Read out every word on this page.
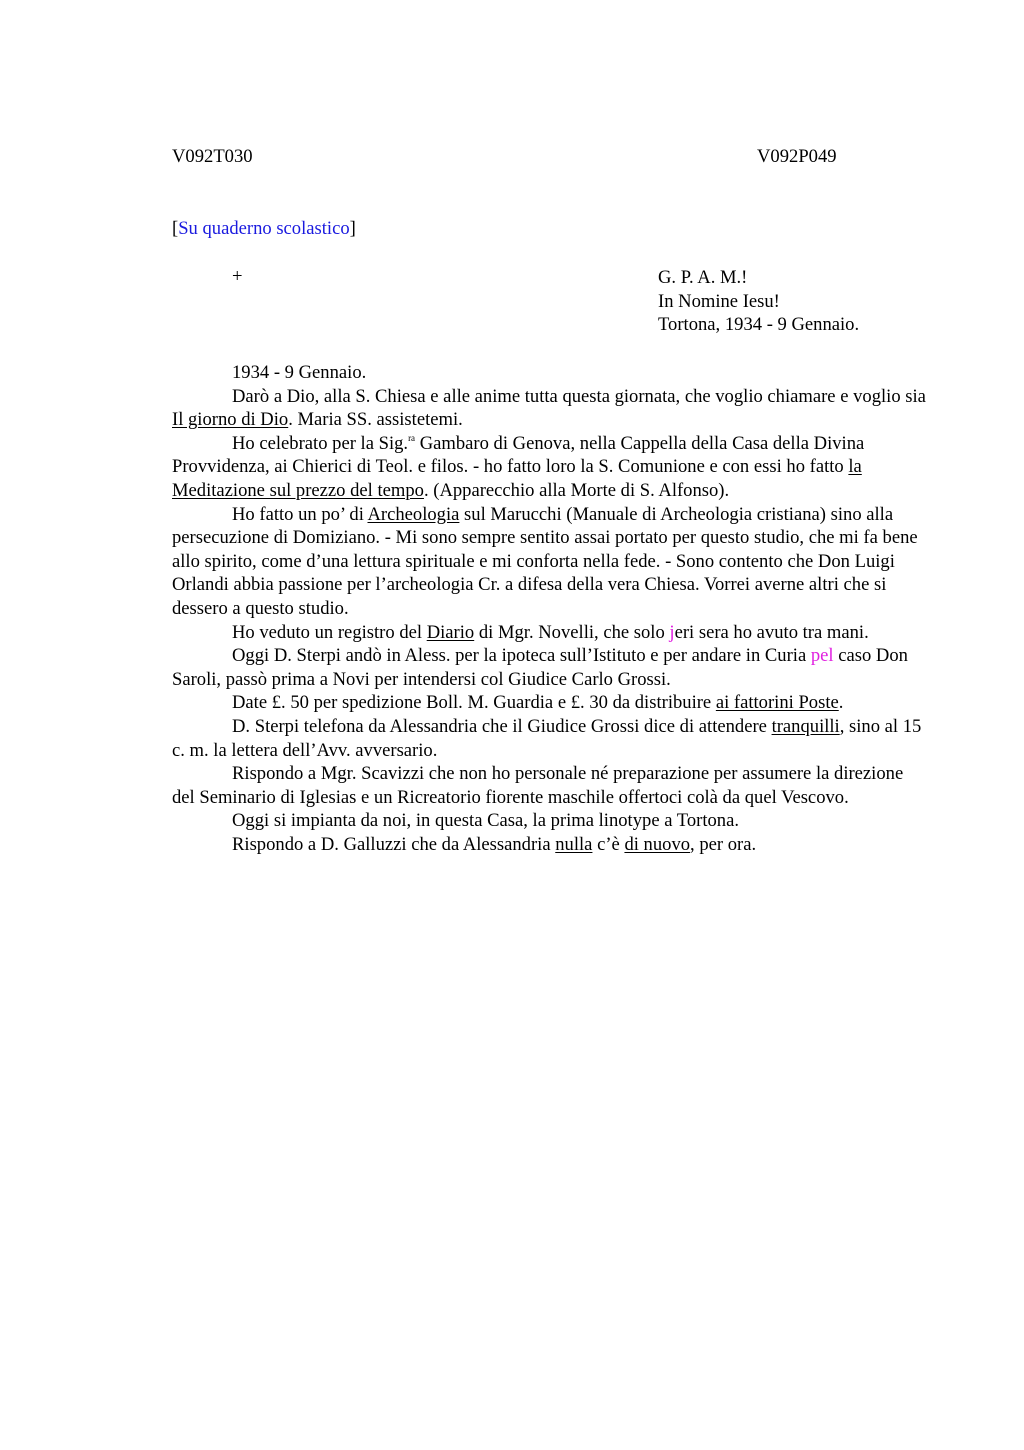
V092T030	V092P049
[Su quaderno scolastico]
+	G. P. A. M.!
In Nomine Iesu!
Tortona, 1934 - 9 Gennaio.

1934 - 9 Gennaio.

Darò a Dio, alla S. Chiesa e alle anime tutta questa giornata, che voglio chiamare e voglio sia Il giorno di Dio. Maria SS. assistetemi.

Ho celebrato per la Sig.$^{ra}$ Gambaro di Genova, nella Cappella della Casa della Divina Provvidenza, ai Chierici di Teol. e filos. - ho fatto loro la S. Comunione e con essi ho fatto la Meditazione sul prezzo del tempo. (Apparecchio alla Morte di S. Alfonso).

Ho fatto un po’ di Archeologia sul Marucchi (Manuale di Archeologia cristiana) sino alla persecuzione di Domiziano. - Mi sono sempre sentito assai portato per questo studio, che mi fa bene allo spirito, come d’una lettura spirituale e mi conforta nella fede. - Sono contento che Don Luigi Orlandi abbia passione per l’archeologia Cr. a difesa della vera Chiesa. Vorrei averne altri che si dessero a questo studio.

Ho veduto un registro del Diario di Mgr. Novelli, che solo jeri sera ho avuto tra mani.

Oggi D. Sterpi andò in Aless. per la ipoteca sull’Istituto e per andare in Curia pel caso Don Saroli, passò prima a Novi per intendersi col Giudice Carlo Grossi.

Date £. 50 per spedizione Boll. M. Guardia e £. 30 da distribuire ai fattorini Poste.

D. Sterpi telefona da Alessandria che il Giudice Grossi dice di attendere tranquilli, sino al 15 c. m. la lettera dell’Avv. avversario.

Rispondo a Mgr. Scavizzi che non ho personale né preparazione per assumere la direzione del Seminario di Iglesias e un Ricreatorio fiorente maschile offertoci colà da quel Vescovo.

Oggi si impianta da noi, in questa Casa, la prima linotype a Tortona.

Rispondo a D. Galluzzi che da Alessandria nulla c’è di nuovo, per ora.
